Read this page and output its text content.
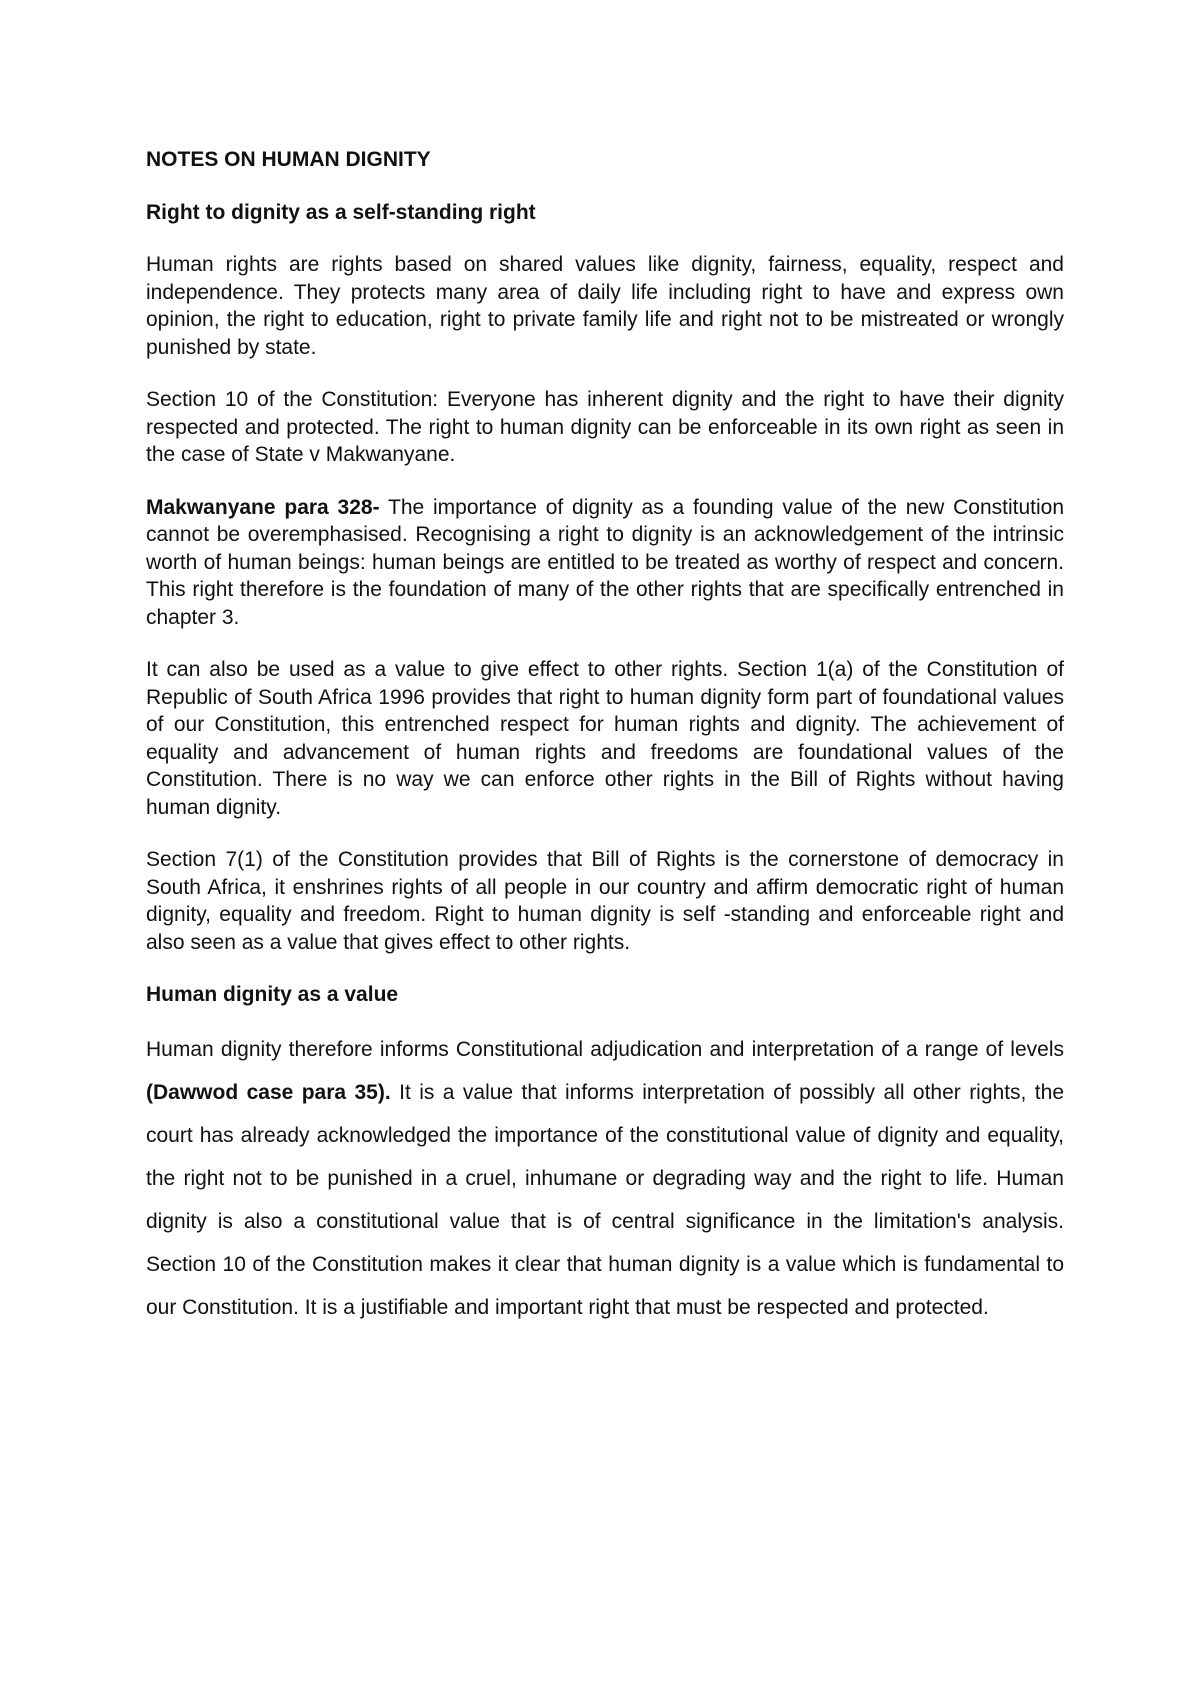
NOTES ON HUMAN DIGNITY

Right to dignity as a self-standing right

Human rights are rights based on shared values like dignity, fairness, equality, respect and independence. They protects many area of daily life including right to have and express own opinion, the right to education, right to private family life and right not to be mistreated or wrongly punished by state.

Section 10 of the Constitution: Everyone has inherent dignity and the right to have their dignity respected and protected. The right to human dignity can be enforceable in its own right as seen in the case of State v Makwanyane.

Makwanyane para 328- The importance of dignity as a founding value of the new Constitution cannot be overemphasised. Recognising a right to dignity is an acknowledgement of the intrinsic worth of human beings: human beings are entitled to be treated as worthy of respect and concern. This right therefore is the foundation of many of the other rights that are specifically entrenched in chapter 3.

It can also be used as a value to give effect to other rights. Section 1(a) of the Constitution of Republic of South Africa 1996 provides that right to human dignity form part of foundational values of our Constitution, this entrenched respect for human rights and dignity. The achievement of equality and advancement of human rights and freedoms are foundational values of the Constitution. There is no way we can enforce other rights in the Bill of Rights without having human dignity.

Section 7(1) of the Constitution provides that Bill of Rights is the cornerstone of democracy in South Africa, it enshrines rights of all people in our country and affirm democratic right of human dignity, equality and freedom. Right to human dignity is self -standing and enforceable right and also seen as a value that gives effect to other rights.

Human dignity as a value

Human dignity therefore informs Constitutional adjudication and interpretation of a range of levels (Dawwod case para 35). It is a value that informs interpretation of possibly all other rights, the court has already acknowledged the importance of the constitutional value of dignity and equality, the right not to be punished in a cruel, inhumane or degrading way and the right to life. Human dignity is also a constitutional value that is of central significance in the limitation's analysis. Section 10 of the Constitution makes it clear that human dignity is a value which is fundamental to our Constitution. It is a justifiable and important right that must be respected and protected.
